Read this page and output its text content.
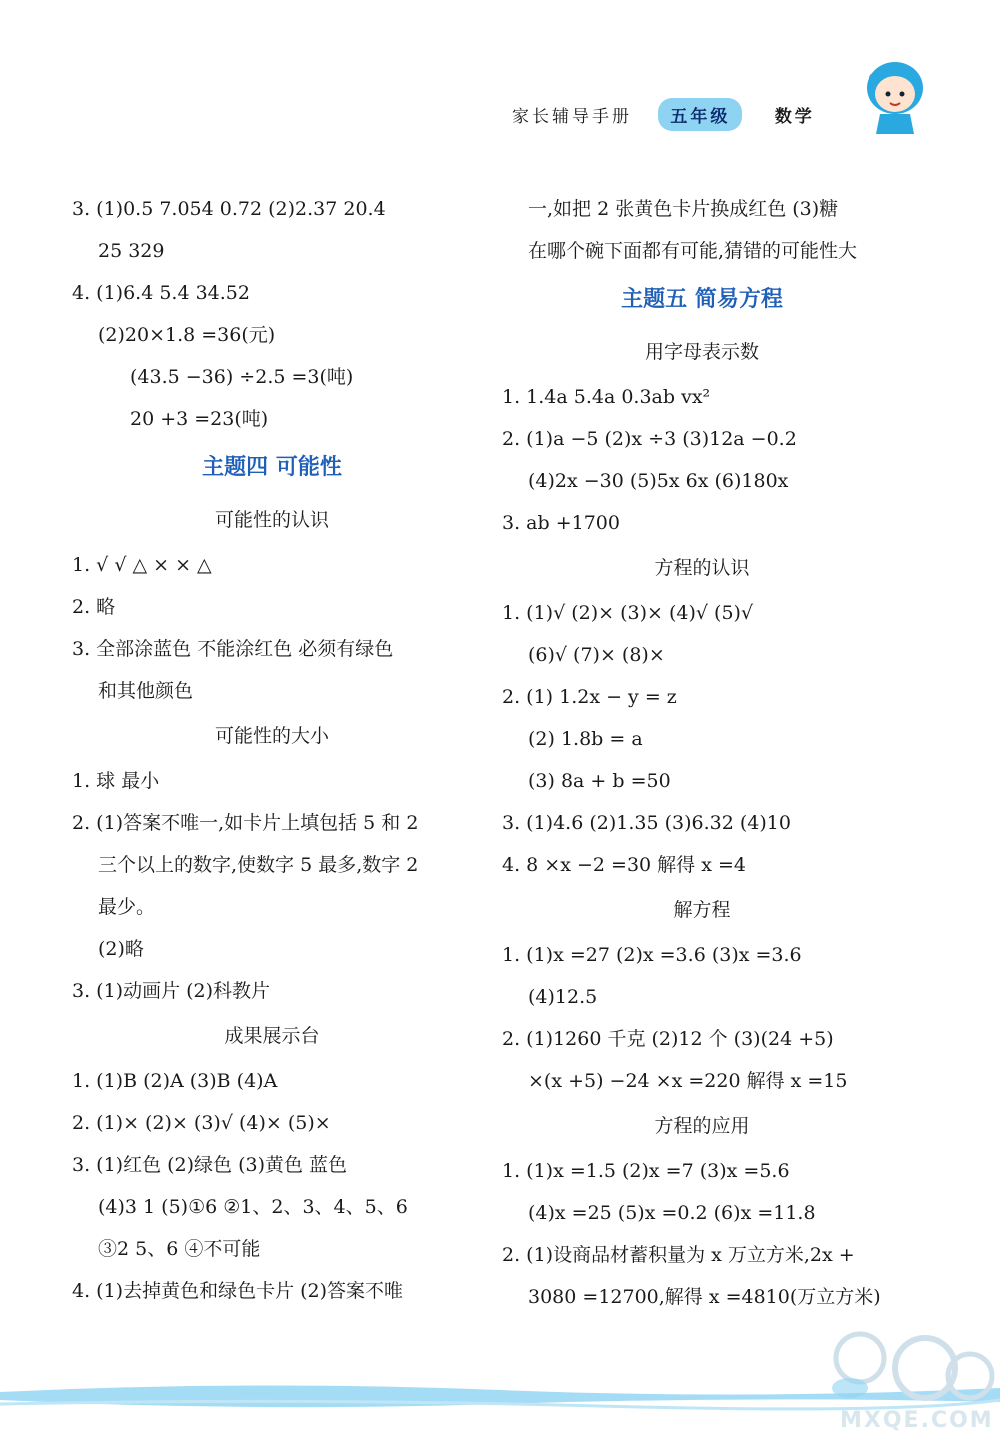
家长辅导手册 五年级	数学
3. (1)0.5 7.054 0.72 (2)2.37 20.4
25 329
4. (1)6.4 5.4 34.52
(2)20×1.8 =36(元)
(43.5 −36) ÷2.5 =3(吨)
20 +3 =23(吨)
主题四 可能性
可能性的认识
1. √ √ △ × × △
2. 略
3. 全部涂蓝色 不能涂红色 必须有绿色
和其他颜色
可能性的大小
1. 球 最小
2. (1)答案不唯一,如卡片上填包括 5 和 2
三个以上的数字,使数字 5 最多,数字 2
最少。
(2)略
3. (1)动画片 (2)科教片
成果展示台
1. (1)B (2)A (3)B (4)A
2. (1)× (2)× (3)√ (4)× (5)×
3. (1)红色 (2)绿色 (3)黄色 蓝色
(4)3 1 (5)①6 ②1、2、3、4、5、6
③2 5、6 ④不可能
4. (1)去掉黄色和绿色卡片 (2)答案不唯
一,如把 2 张黄色卡片换成红色 (3)糖
在哪个碗下面都有可能,猜错的可能性大
主题五 简易方程
用字母表示数
1. 1.4a 5.4a 0.3ab vx²
2. (1)a −5 (2)x ÷3 (3)12a −0.2
(4)2x −30 (5)5x 6x (6)180x
3. ab +1700
方程的认识
1. (1)√ (2)× (3)× (4)√ (5)√
(6)√ (7)× (8)×
2. (1) 1.2x − y = z
(2) 1.8b = a
(3) 8a + b =50
3. (1)4.6 (2)1.35 (3)6.32 (4)10
4. 8 ×x −2 =30 解得 x =4
解方程
1. (1)x =27 (2)x =3.6 (3)x =3.6
(4)12.5
2. (1)1260 千克 (2)12 个 (3)(24 +5)
×(x +5) −24 ×x =220 解得 x =15
方程的应用
1. (1)x =1.5 (2)x =7 (3)x =5.6
(4)x =25 (5)x =0.2 (6)x =11.8
2. (1)设商品材蓄积量为 x 万立方米,2x +
3080 =12700,解得 x =4810(万立方米)
MXQE.COM
